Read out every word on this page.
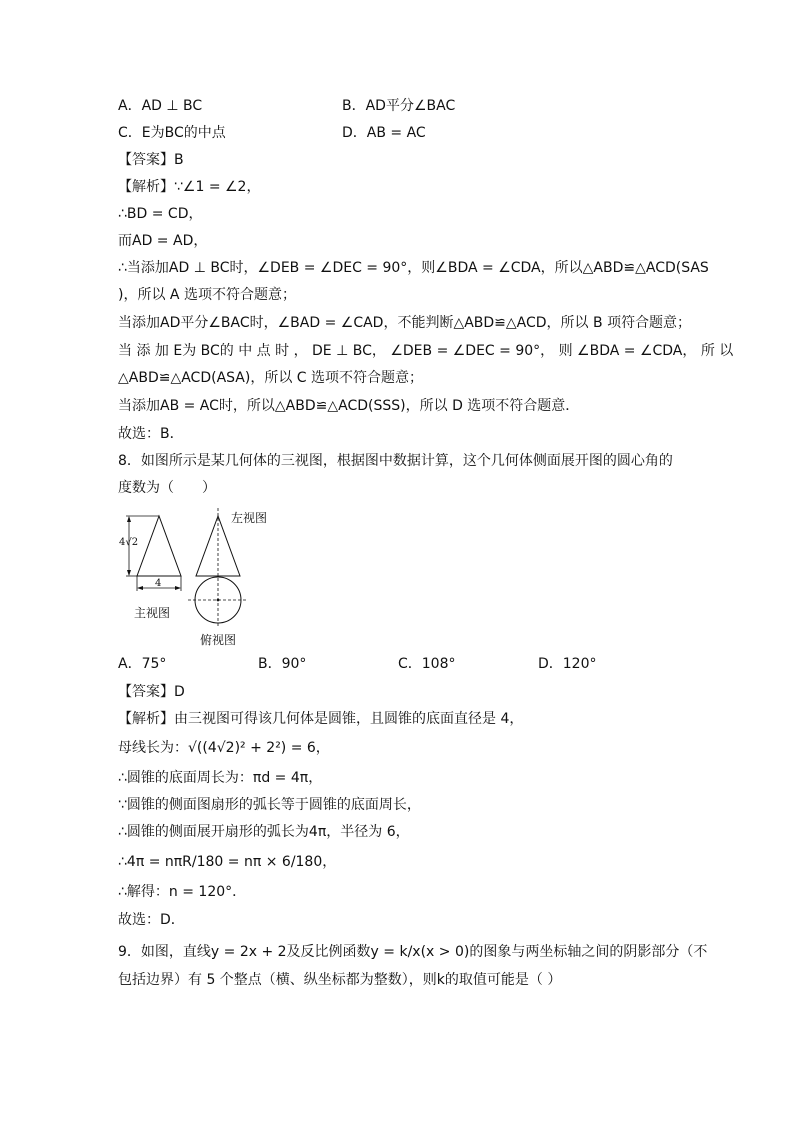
A．AD ⊥ BC	B．AD平分∠BAC
C．E为BC的中点	D．AB = AC
【答案】B
【解析】∵∠1 = ∠2，
∴BD = CD，
而AD = AD，
∴当添加AD ⊥ BC时，∠DEB = ∠DEC = 90°，则∠BDA = ∠CDA，所以△ABD≌△ACD(SAS
)，所以 A 选项不符合题意；
当添加AD平分∠BAC时，∠BAD = ∠CAD，不能判断△ABD≌△ACD，所以 B 项符合题意；
当 添 加 E为 BC的 中 点 时 ， DE ⊥ BC， ∠DEB = ∠DEC = 90°， 则 ∠BDA = ∠CDA， 所 以
△ABD≌△ACD(ASA)，所以 C 选项不符合题意；
当添加AB = AC时，所以△ABD≌△ACD(SSS)，所以 D 选项不符合题意．
故选：B．
8．如图所示是某几何体的三视图，根据图中数据计算，这个几何体侧面展开图的圆心角的
度数为（　　）
4√2
4
主视图
左视图
俯视图
A．75°	B．90°	C．108°	D．120°
【答案】D
【解析】由三视图可得该几何体是圆锥，且圆锥的底面直径是 4，
母线长为：√((4√2)² + 2²) = 6，
∴圆锥的底面周长为：πd = 4π，
∵圆锥的侧面图扇形的弧长等于圆锥的底面周长，
∴圆锥的侧面展开扇形的弧长为4π，半径为 6，
∴4π = nπR/180 = nπ × 6/180，
∴解得：n = 120°．
故选：D．
9．如图，直线y = 2x + 2及反比例函数y = k/x(x > 0)的图象与两坐标轴之间的阴影部分（不
包括边界）有 5 个整点（横、纵坐标都为整数），则k的取值可能是（ ）
